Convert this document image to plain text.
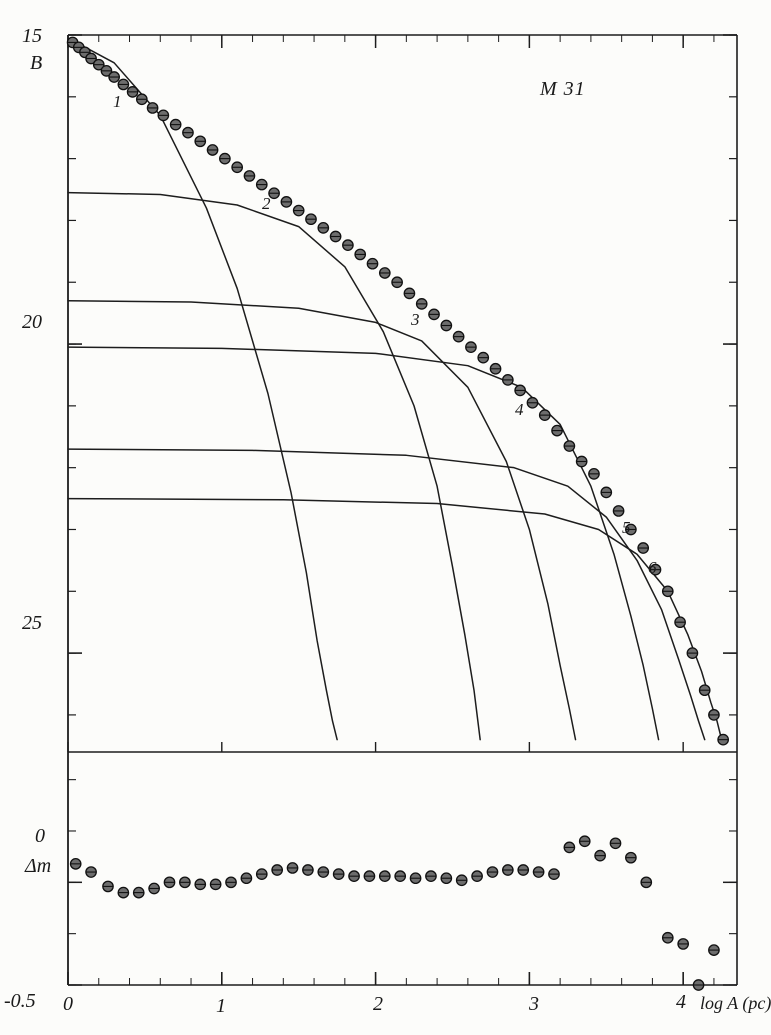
15
B
20
25
0
Δm
-0.5 0	1	2	3	4 log A (pc)
M 31
1
2
3
4
5
6
